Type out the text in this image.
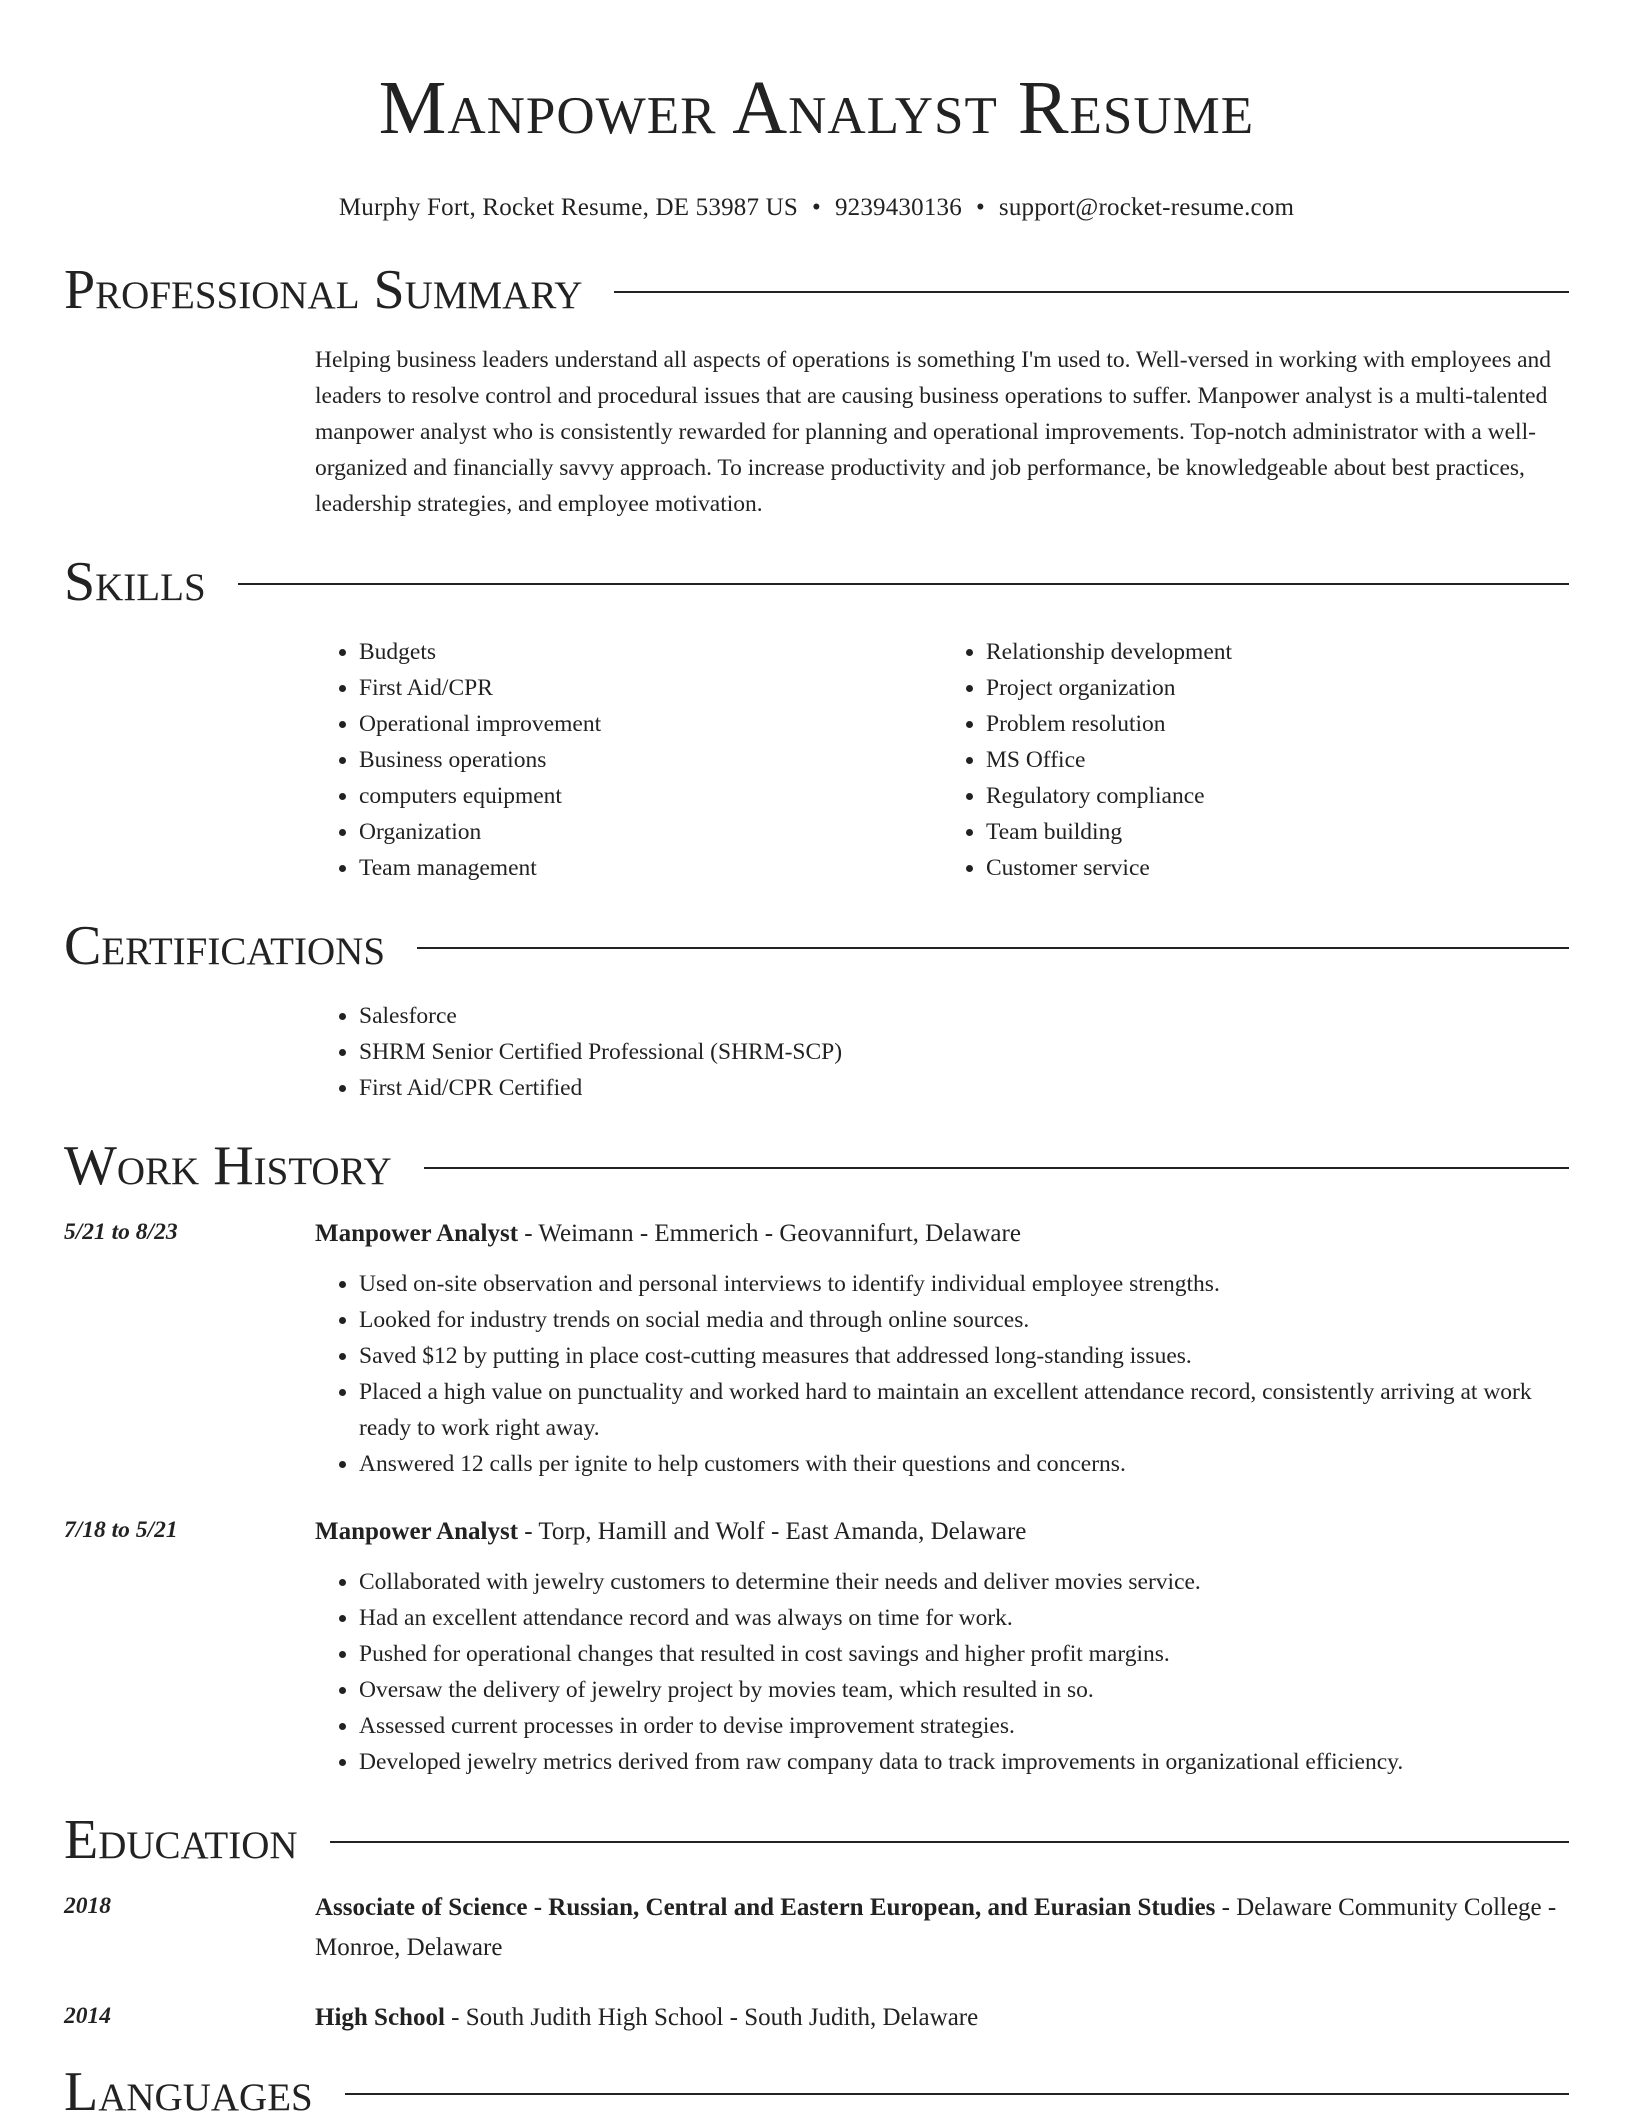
Manpower Analyst Resume
Murphy Fort, Rocket Resume, DE 53987 US • 9239430136 • support@rocket-resume.com
Professional Summary

Helping business leaders understand all aspects of operations is something I'm used to. Well-versed in working with employees and leaders to resolve control and procedural issues that are causing business operations to suffer. Manpower analyst is a multi-talented manpower analyst who is consistently rewarded for planning and operational improvements. Top-notch administrator with a well-organized and financially savvy approach. To increase productivity and job performance, be knowledgeable about best practices, leadership strategies, and employee motivation.

Skills
• Budgets
• First Aid/CPR
• Operational improvement
• Business operations
• computers equipment
• Organization
• Team management
• Relationship development
• Project organization
• Problem resolution
• MS Office
• Regulatory compliance
• Team building
• Customer service
Certifications
• Salesforce
• SHRM Senior Certified Professional (SHRM-SCP)
• First Aid/CPR Certified
Work History
5/21 to 8/23	Manpower Analyst - Weimann - Emmerich - Geovannifurt, Delaware
• Used on-site observation and personal interviews to identify individual employee strengths.
• Looked for industry trends on social media and through online sources.
• Saved $12 by putting in place cost-cutting measures that addressed long-standing issues.
• Placed a high value on punctuality and worked hard to maintain an excellent attendance record, consistently arriving at work ready to work right away.
• Answered 12 calls per ignite to help customers with their questions and concerns.
7/18 to 5/21	Manpower Analyst - Torp, Hamill and Wolf - East Amanda, Delaware
• Collaborated with jewelry customers to determine their needs and deliver movies service.
• Had an excellent attendance record and was always on time for work.
• Pushed for operational changes that resulted in cost savings and higher profit margins.
• Oversaw the delivery of jewelry project by movies team, which resulted in so.
• Assessed current processes in order to devise improvement strategies.
• Developed jewelry metrics derived from raw company data to track improvements in organizational efficiency.
Education
2018	Associate of Science - Russian, Central and Eastern European, and Eurasian Studies - Delaware Community College - Monroe, Delaware
2014	High School - South Judith High School - South Judith, Delaware
Languages
